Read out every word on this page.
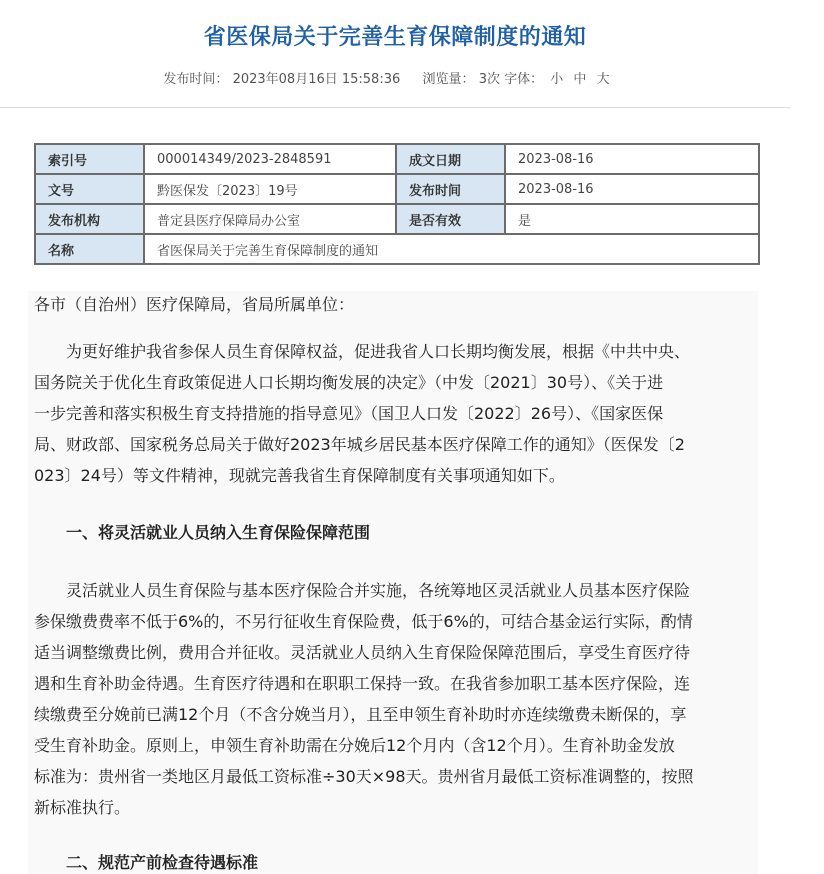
省医保局关于完善生育保障制度的通知
发布时间： 2023年08月16日 15:58:36 浏览量： 3次 字体： 小 中 大
索引号	000014349/2023-2848591	成文日期	2023-08-16
文号	黔医保发〔2023〕19号	发布时间	2023-08-16
发布机构	普定县医疗保障局办公室	是否有效	是
名称	省医保局关于完善生育保障制度的通知		
各市（自治州）医疗保障局，省局所属单位：
为更好维护我省参保人员生育保障权益，促进我省人口长期均衡发展，根据《中共中央、
国务院关于优化生育政策促进人口长期均衡发展的决定》（中发〔2021〕30号）、《关于进
一步完善和落实积极生育支持措施的指导意见》（国卫人口发〔2022〕26号）、《国家医保
局、财政部、国家税务总局关于做好2023年城乡居民基本医疗保障工作的通知》（医保发〔2
023〕24号）等文件精神，现就完善我省生育保障制度有关事项通知如下。
一、将灵活就业人员纳入生育保险保障范围
灵活就业人员生育保险与基本医疗保险合并实施，各统筹地区灵活就业人员基本医疗保险
参保缴费费率不低于6%的，不另行征收生育保险费，低于6%的，可结合基金运行实际，酌情
适当调整缴费比例，费用合并征收。灵活就业人员纳入生育保险保障范围后，享受生育医疗待
遇和生育补助金待遇。生育医疗待遇和在职职工保持一致。在我省参加职工基本医疗保险，连
续缴费至分娩前已满12个月（不含分娩当月），且至申领生育补助时亦连续缴费未断保的，享
受生育补助金。原则上，申领生育补助需在分娩后12个月内（含12个月）。生育补助金发放
标准为：贵州省一类地区月最低工资标准÷30天×98天。贵州省月最低工资标准调整的，按照
新标准执行。
二、规范产前检查待遇标准
